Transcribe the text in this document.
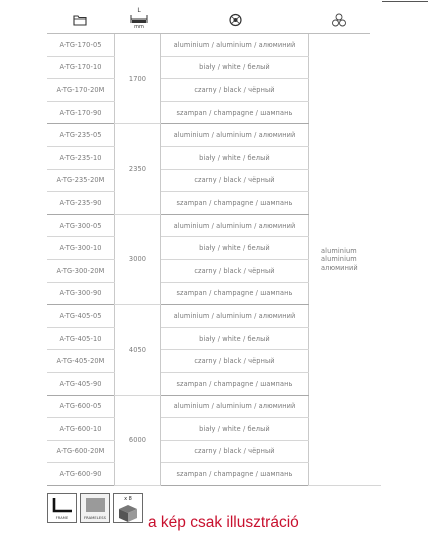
L
mm
A-TG-170-05	1700	aluminium / aluminium / алюминий	aluminium
aluminium
алюминий

A-TG-170-10		biały / white / белый	
A-TG-170-20M		czarny / black / чёрный	
A-TG-170-90		szampan / champagne / шампань	
A-TG-235-05	2350	aluminium / aluminium / алюминий	
A-TG-235-10		biały / white / белый	
A-TG-235-20M		czarny / black / чёрный	
A-TG-235-90		szampan / champagne / шампань	
A-TG-300-05	3000	aluminium / aluminium / алюминий	
A-TG-300-10		biały / white / белый	
A-TG-300-20M		czarny / black / чёрный	
A-TG-300-90		szampan / champagne / шампань	
A-TG-405-05	4050	aluminium / aluminium / алюминий	
A-TG-405-10		biały / white / белый	
A-TG-405-20M		czarny / black / чёрный	
A-TG-405-90		szampan / champagne / шампань	
A-TG-600-05	6000	aluminium / aluminium / алюминий	
A-TG-600-10		biały / white / белый	
A-TG-600-20M		czarny / black / чёрный	
A-TG-600-90		szampan / champagne / шампань	
FRAME	FRAMELESS
x 8
a kép csak illusztráció
